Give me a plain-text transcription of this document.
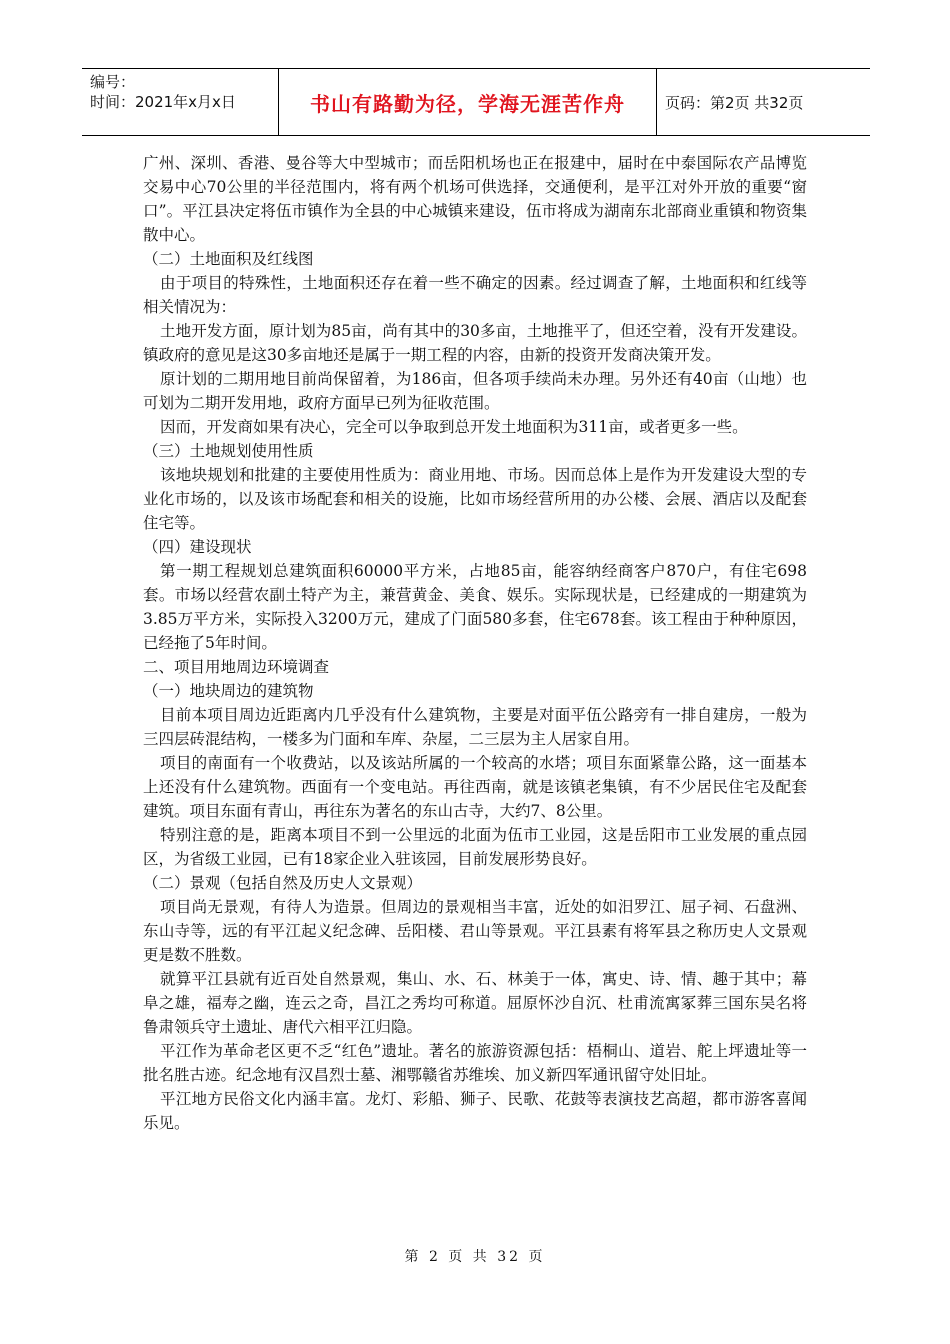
编号：
时间：2021年x月x日	书山有路勤为径，学海无涯苦作舟	页码：第2页 共32页

广州、深圳、香港、曼谷等大中型城市；而岳阳机场也正在报建中，届时在中泰国际农产品博览交易中心70公里的半径范围内，将有两个机场可供选择，交通便利，是平江对外开放的重要“窗口”。平江县决定将伍市镇作为全县的中心城镇来建设，伍市将成为湖南东北部商业重镇和物资集散中心。

（二）土地面积及红线图

由于项目的特殊性，土地面积还存在着一些不确定的因素。经过调查了解，土地面积和红线等相关情况为：

土地开发方面，原计划为85亩，尚有其中的30多亩，土地推平了，但还空着，没有开发建设。镇政府的意见是这30多亩地还是属于一期工程的内容，由新的投资开发商决策开发。

原计划的二期用地目前尚保留着，为186亩，但各项手续尚未办理。另外还有40亩（山地）也可划为二期开发用地，政府方面早已列为征收范围。

因而，开发商如果有决心，完全可以争取到总开发土地面积为311亩，或者更多一些。

（三）土地规划使用性质

该地块规划和批建的主要使用性质为：商业用地、市场。因而总体上是作为开发建设大型的专业化市场的，以及该市场配套和相关的设施，比如市场经营所用的办公楼、会展、酒店以及配套住宅等。

（四）建设现状

第一期工程规划总建筑面积60000平方米，占地85亩，能容纳经商客户870户，有住宅698套。市场以经营农副土特产为主，兼营黄金、美食、娱乐。实际现状是，已经建成的一期建筑为3.85万平方米，实际投入3200万元，建成了门面580多套，住宅678套。该工程由于种种原因，已经拖了5年时间。

二、项目用地周边环境调查

（一）地块周边的建筑物

目前本项目周边近距离内几乎没有什么建筑物，主要是对面平伍公路旁有一排自建房，一般为三四层砖混结构，一楼多为门面和车库、杂屋，二三层为主人居家自用。

项目的南面有一个收费站，以及该站所属的一个较高的水塔；项目东面紧靠公路，这一面基本上还没有什么建筑物。西面有一个变电站。再往西南，就是该镇老集镇，有不少居民住宅及配套建筑。项目东面有青山，再往东为著名的东山古寺，大约7、8公里。

特别注意的是，距离本项目不到一公里远的北面为伍市工业园，这是岳阳市工业发展的重点园区，为省级工业园，已有18家企业入驻该园，目前发展形势良好。

（二）景观（包括自然及历史人文景观）

项目尚无景观，有待人为造景。但周边的景观相当丰富，近处的如汨罗江、屈子祠、石盘洲、东山寺等，远的有平江起义纪念碑、岳阳楼、君山等景观。平江县素有将军县之称历史人文景观更是数不胜数。

就算平江县就有近百处自然景观，集山、水、石、林美于一体，寓史、诗、情、趣于其中；幕阜之雄，福寿之幽，连云之奇，昌江之秀均可称道。屈原怀沙自沉、杜甫流寓冢葬三国东吴名将鲁肃领兵守土遗址、唐代六相平江归隐。

平江作为革命老区更不乏“红色”遗址。著名的旅游资源包括：梧桐山、道岩、舵上坪遗址等一批名胜古迹。纪念地有汉昌烈士墓、湘鄂赣省苏维埃、加义新四军通讯留守处旧址。

平江地方民俗文化内涵丰富。龙灯、彩船、狮子、民歌、花鼓等表演技艺高超，都市游客喜闻乐见。

第 2 页 共 32 页
